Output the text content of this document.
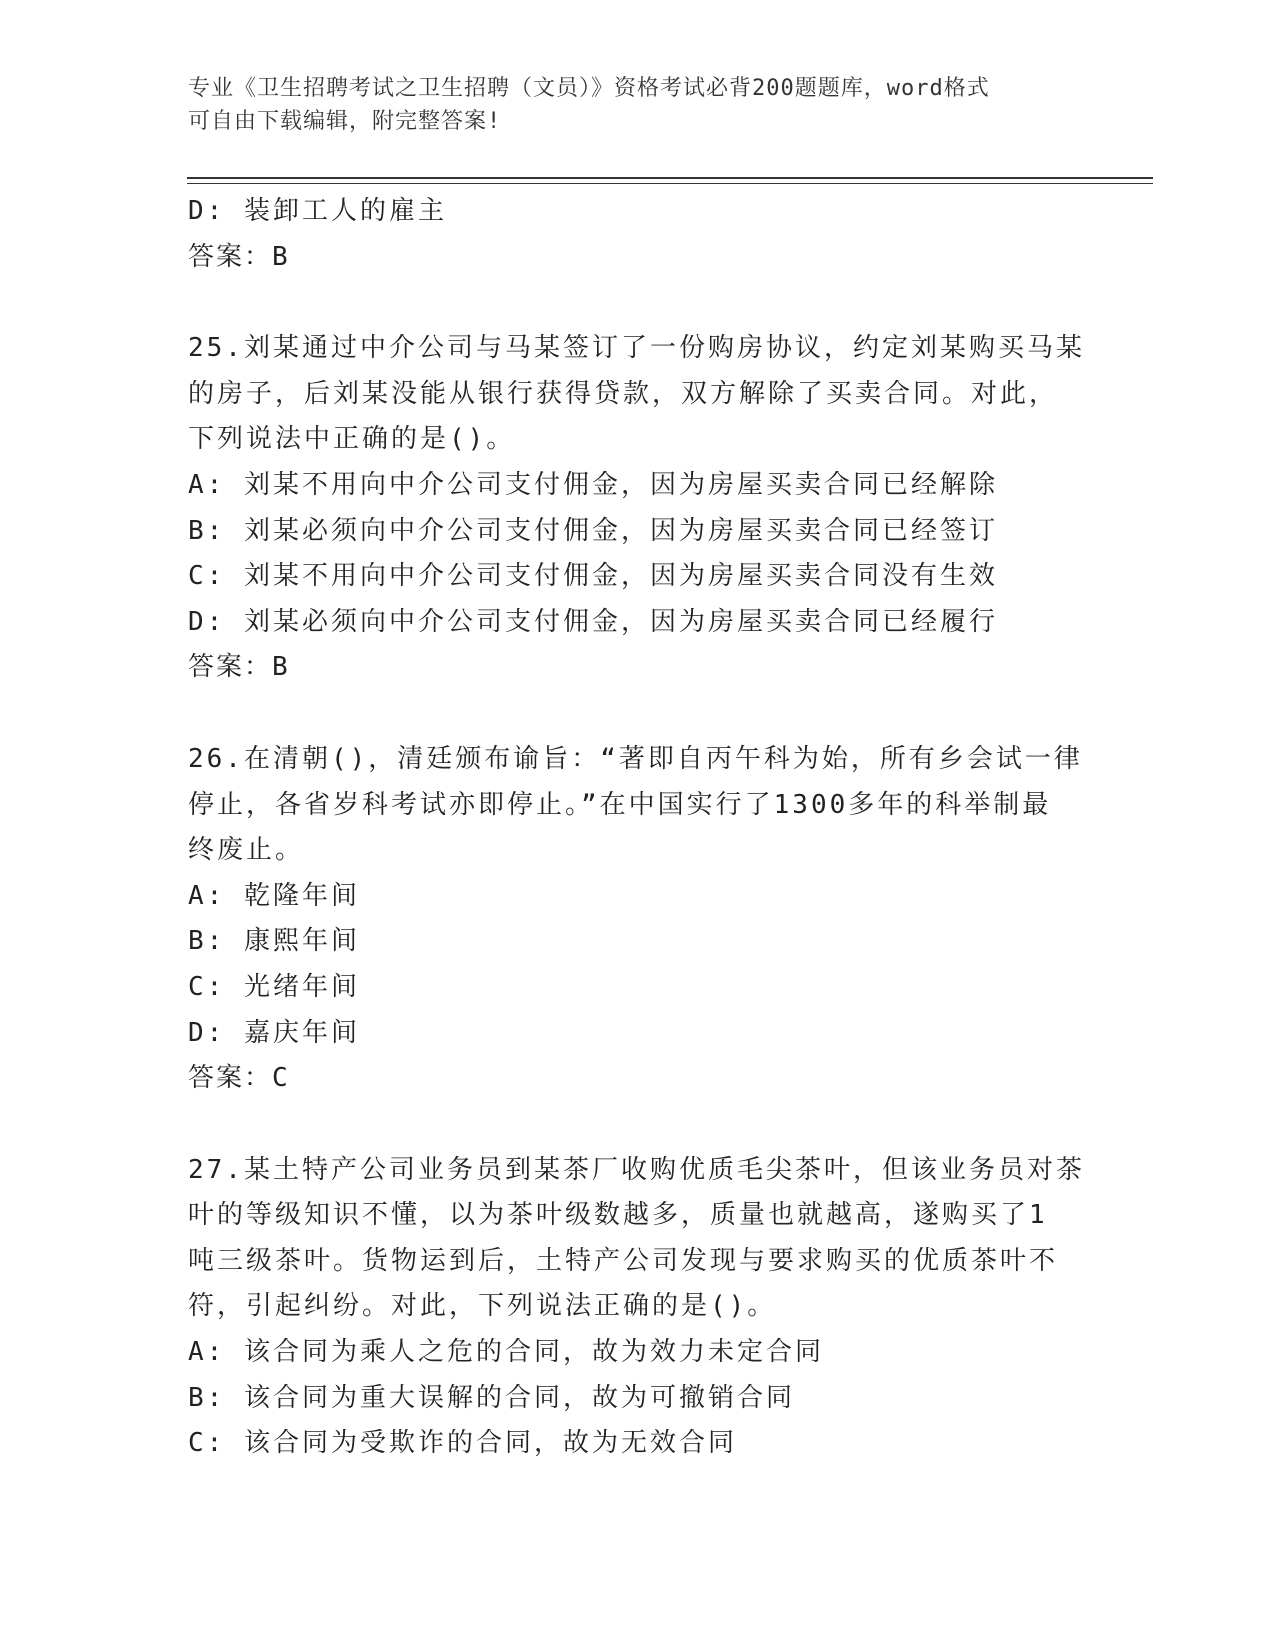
专业《卫生招聘考试之卫生招聘（文员）》资格考试必背200题题库，word格式
可自由下载编辑，附完整答案!
D: 装卸工人的雇主
答案：B
25.刘某通过中介公司与马某签订了一份购房协议，约定刘某购买马某
的房子，后刘某没能从银行获得贷款，双方解除了买卖合同。对此，
下列说法中正确的是()。
A: 刘某不用向中介公司支付佣金，因为房屋买卖合同已经解除
B: 刘某必须向中介公司支付佣金，因为房屋买卖合同已经签订
C: 刘某不用向中介公司支付佣金，因为房屋买卖合同没有生效
D: 刘某必须向中介公司支付佣金，因为房屋买卖合同已经履行
答案：B
26.在清朝()，清廷颁布谕旨：“著即自丙午科为始，所有乡会试一律
停止，各省岁科考试亦即停止。”在中国实行了1300多年的科举制最
终废止。
A: 乾隆年间
B: 康熙年间
C: 光绪年间
D: 嘉庆年间
答案：C
27.某土特产公司业务员到某茶厂收购优质毛尖茶叶，但该业务员对茶
叶的等级知识不懂，以为茶叶级数越多，质量也就越高，遂购买了1
吨三级茶叶。货物运到后，土特产公司发现与要求购买的优质茶叶不
符，引起纠纷。对此，下列说法正确的是()。
A: 该合同为乘人之危的合同，故为效力未定合同
B: 该合同为重大误解的合同，故为可撤销合同
C: 该合同为受欺诈的合同，故为无效合同
